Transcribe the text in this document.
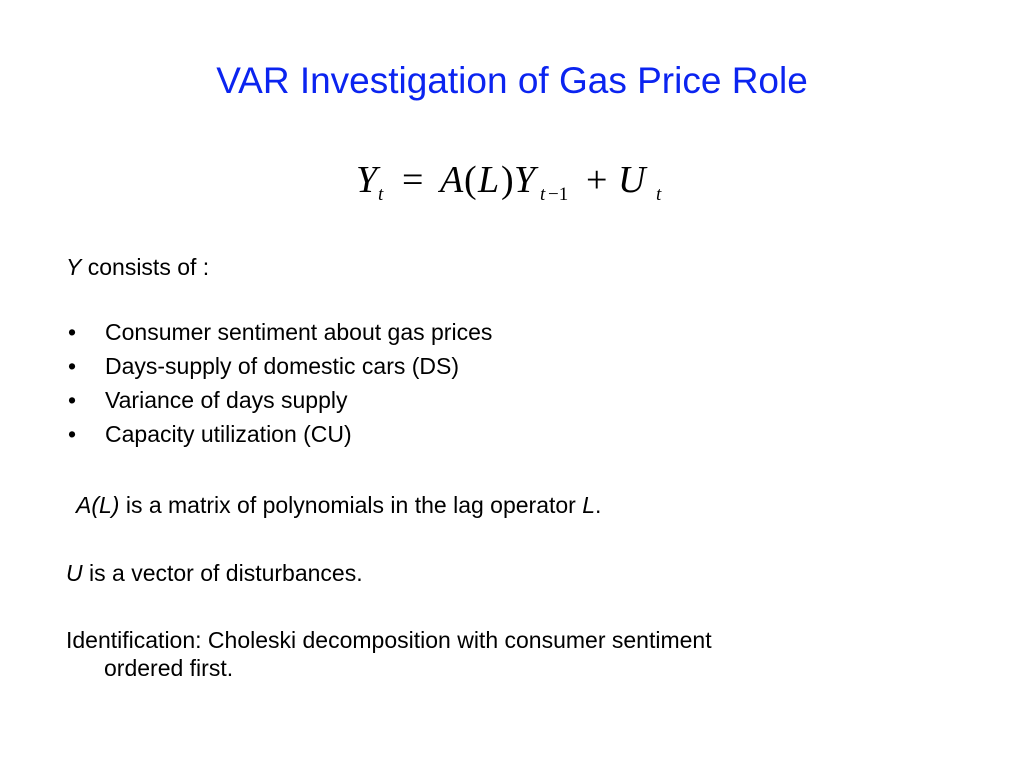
VAR Investigation of Gas Price Role
Y t = A ( L ) Y t −1 + U t
Y consists of :
• Consumer sentiment about gas prices
• Days-supply of domestic cars (DS)
• Variance of days supply
• Capacity utilization (CU)
A(L) is a matrix of polynomials in the lag operator L.
U is a vector of disturbances.
Identification: Choleski decomposition with consumer sentiment
ordered first.
